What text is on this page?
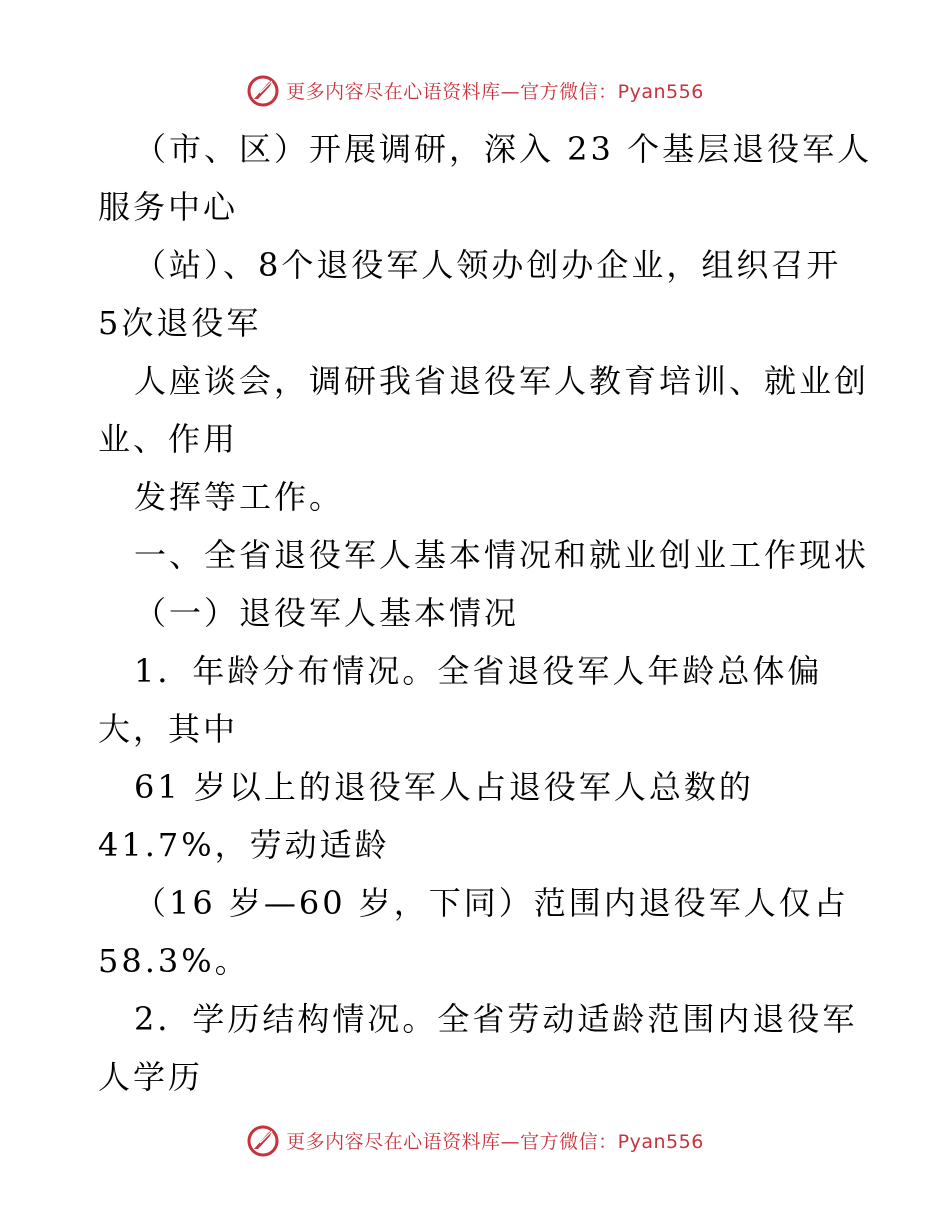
更多内容尽在心语资料库—官方微信：Pyan556
（市、区）开展调研，深入 23 个基层退役军人
服务中心
（站）、8个退役军人领办创办企业，组织召开
5次退役军
人座谈会，调研我省退役军人教育培训、就业创
业、作用
发挥等工作。
一、全省退役军人基本情况和就业创业工作现状
（一）退役军人基本情况
1．年龄分布情况。全省退役军人年龄总体偏
大，其中
61 岁以上的退役军人占退役军人总数的
41.7%，劳动适龄
（16 岁—60 岁，下同）范围内退役军人仅占
58.3%。
2．学历结构情况。全省劳动适龄范围内退役军
人学历
更多内容尽在心语资料库—官方微信：Pyan556
